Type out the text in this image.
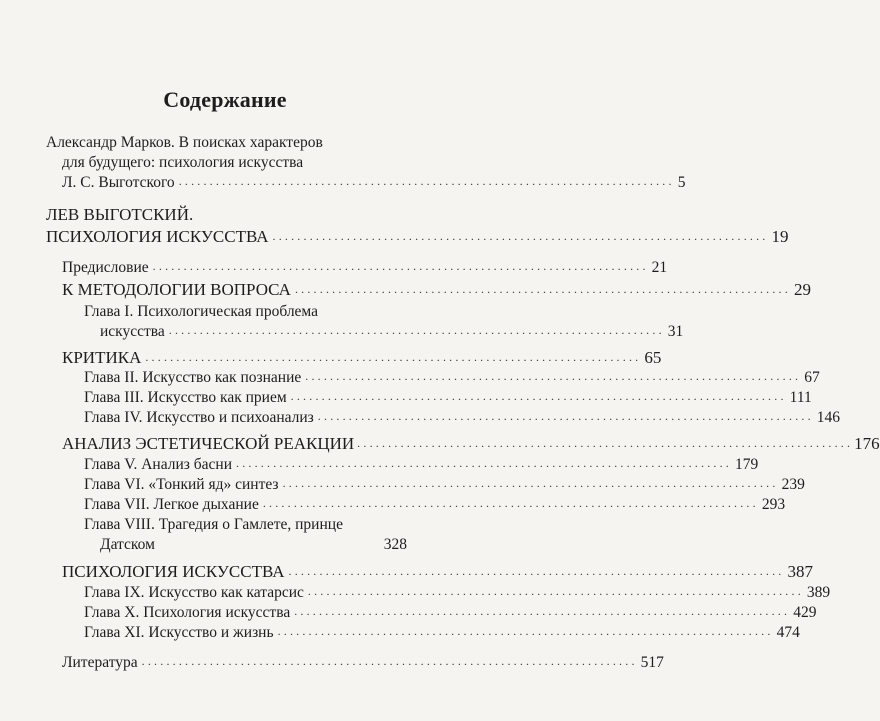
Содержание
Александр Марков. В поисках характеров
для будущего: психология искусства
Л. С. Выготского ................................................................................ 5
ЛЕВ ВЫГОТСКИЙ.
ПСИХОЛОГИЯ ИСКУССТВА ................................................................................ 19
Предисловие ................................................................................ 21
К МЕТОДОЛОГИИ ВОПРОСА ................................................................................ 29
Глава I. Психологическая проблема
искусства ................................................................................ 31
КРИТИКА ................................................................................ 65
Глава II. Искусство как познание ................................................................................ 67
Глава III. Искусство как прием ................................................................................ 111
Глава IV. Искусство и психоанализ ................................................................................ 146
АНАЛИЗ ЭСТЕТИЧЕСКОЙ РЕАКЦИИ ................................................................................ 176
Глава V. Анализ басни ................................................................................ 179
Глава VI. «Тонкий яд» синтез ................................................................................ 239
Глава VII. Легкое дыхание ................................................................................ 293
Глава VIII. Трагедия о Гамлете, принце
Датском	328
ПСИХОЛОГИЯ ИСКУССТВА ................................................................................ 387
Глава IX. Искусство как катарсис ................................................................................ 389
Глава X. Психология искусства ................................................................................ 429
Глава XI. Искусство и жизнь ................................................................................ 474
Литература ................................................................................ 517
